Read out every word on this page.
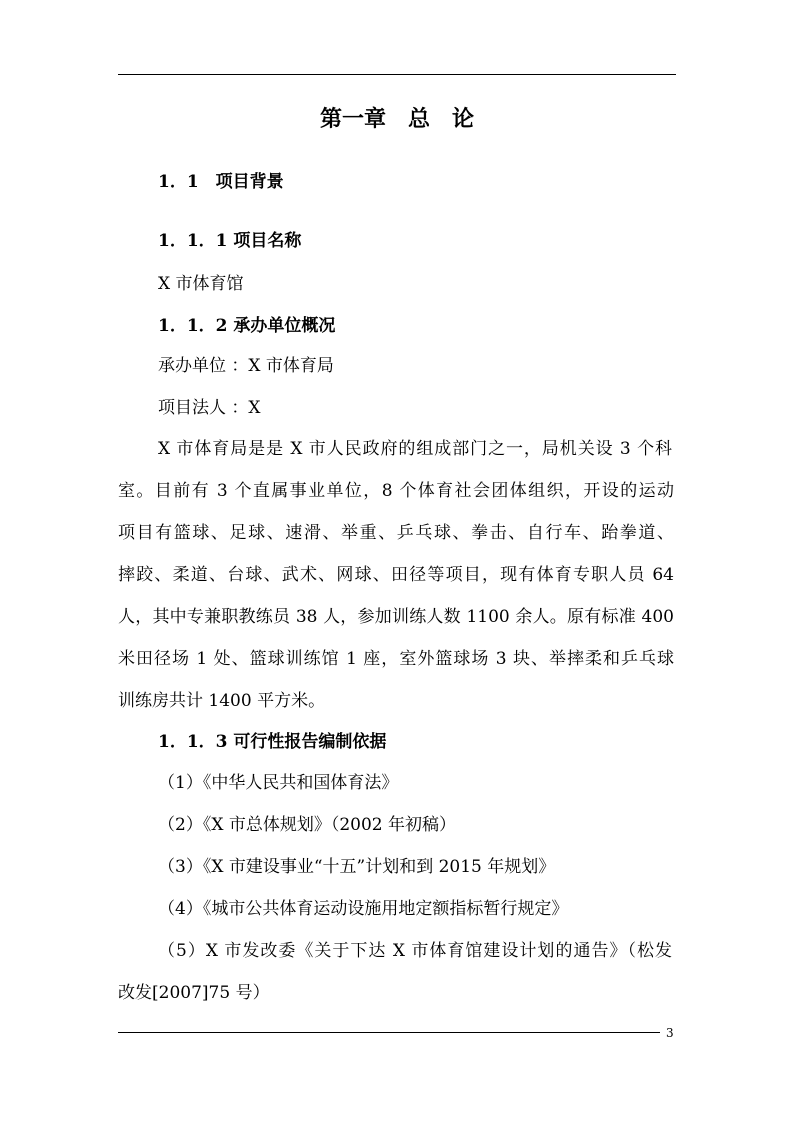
第一章　总　论
1．1　项目背景
1．1．1 项目名称
X 市体育馆
1．1．2 承办单位概况
承办单位 ：X 市体育局
项目法人 ：X
X 市体育局是是 X 市人民政府的组成部门之一，局机关设 3 个科
室。目前有 3 个直属事业单位，8 个体育社会团体组织，开设的运动
项目有篮球、足球、速滑、举重、乒乓球、拳击、自行车、跆拳道、
摔跤、柔道、台球、武术、网球、田径等项目，现有体育专职人员 64
人，其中专兼职教练员 38 人，参加训练人数 1100 余人。原有标准 400
米田径场 1 处、篮球训练馆 1 座，室外篮球场 3 块、举摔柔和乒乓球
训练房共计 1400 平方米。
1．1．3 可行性报告编制依据
（1）《中华人民共和国体育法》
（2）《X 市总体规划》（2002 年初稿）
（3）《X 市建设事业“十五”计划和到 2015 年规划》
（4）《城市公共体育运动设施用地定额指标暂行规定》
（5）X 市发改委《关于下达 X 市体育馆建设计划的通告》（松发
改发[2007]75 号）
3
